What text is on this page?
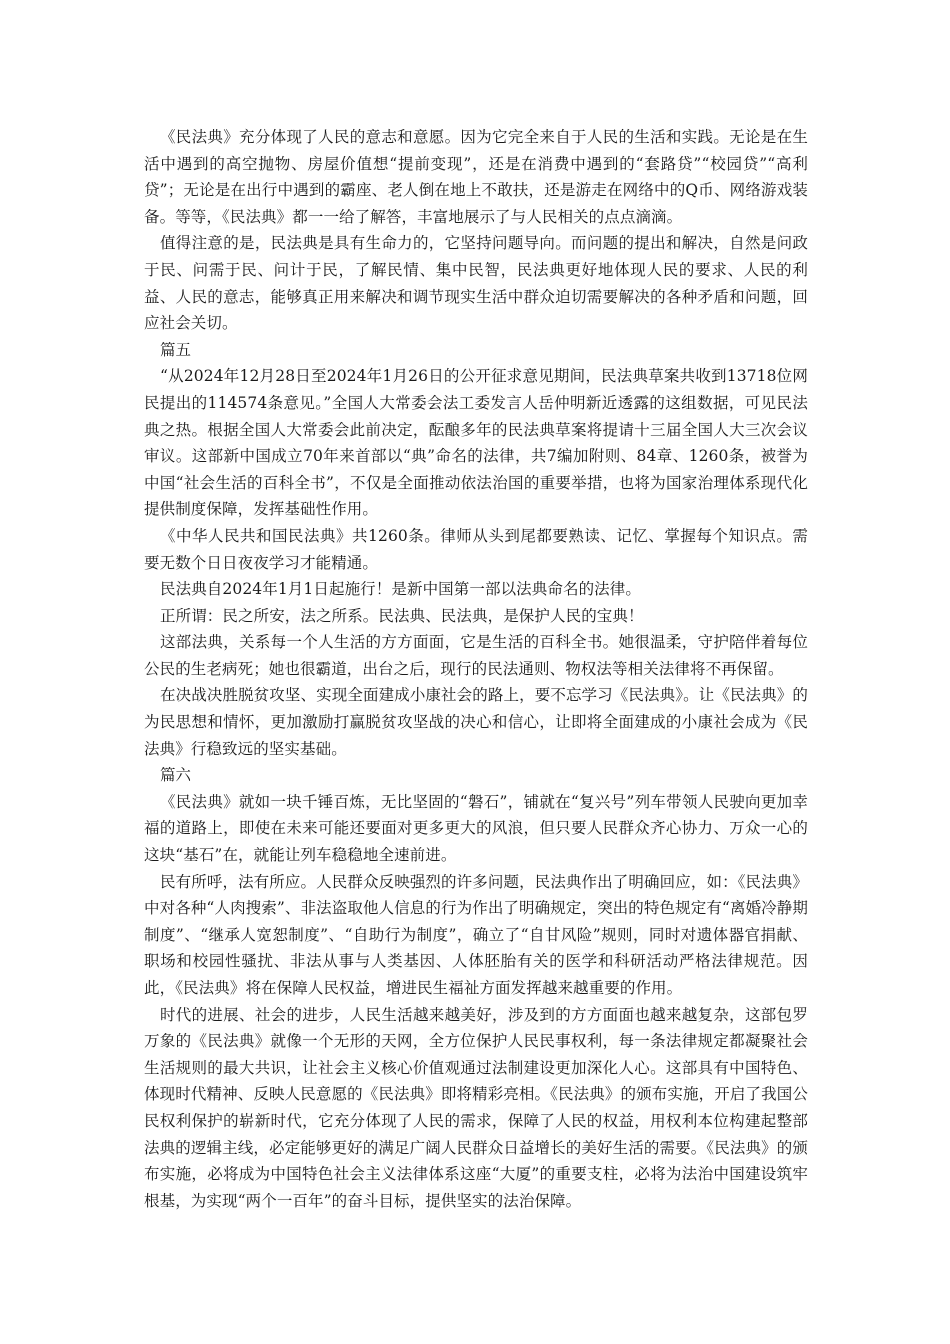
《民法典》充分体现了人民的意志和意愿。因为它完全来自于人民的生活和实践。无论是在生活中遇到的高空抛物、房屋价值想“提前变现”，还是在消费中遇到的“套路贷”“校园贷”“高利贷”；无论是在出行中遇到的霸座、老人倒在地上不敢扶，还是游走在网络中的Q币、网络游戏装备。等等，《民法典》都一一给了解答，丰富地展示了与人民相关的点点滴滴。

值得注意的是，民法典是具有生命力的，它坚持问题导向。而问题的提出和解决，自然是问政于民、问需于民、问计于民，了解民情、集中民智，民法典更好地体现人民的要求、人民的利益、人民的意志，能够真正用来解决和调节现实生活中群众迫切需要解决的各种矛盾和问题，回应社会关切。

篇五

“从2024年12月28日至2024年1月26日的公开征求意见期间，民法典草案共收到13718位网民提出的114574条意见。”全国人大常委会法工委发言人岳仲明新近透露的这组数据，可见民法典之热。根据全国人大常委会此前决定，酝酿多年的民法典草案将提请十三届全国人大三次会议审议。这部新中国成立70年来首部以“典”命名的法律，共7编加附则、84章、1260条，被誉为中国“社会生活的百科全书”，不仅是全面推动依法治国的重要举措，也将为国家治理体系现代化提供制度保障，发挥基础性作用。

《中华人民共和国民法典》共1260条。律师从头到尾都要熟读、记忆、掌握每个知识点。需要无数个日日夜夜学习才能精通。

民法典自2024年1月1日起施行！是新中国第一部以法典命名的法律。

正所谓：民之所安，法之所系。民法典、民法典，是保护人民的宝典！

这部法典，关系每一个人生活的方方面面，它是生活的百科全书。她很温柔，守护陪伴着每位公民的生老病死；她也很霸道，出台之后，现行的民法通则、物权法等相关法律将不再保留。

在决战决胜脱贫攻坚、实现全面建成小康社会的路上，要不忘学习《民法典》。让《民法典》的为民思想和情怀，更加激励打赢脱贫攻坚战的决心和信心，让即将全面建成的小康社会成为《民法典》行稳致远的坚实基础。

篇六

《民法典》就如一块千锤百炼，无比坚固的“磐石”，铺就在“复兴号”列车带领人民驶向更加幸福的道路上，即使在未来可能还要面对更多更大的风浪，但只要人民群众齐心协力、万众一心的这块“基石”在，就能让列车稳稳地全速前进。

民有所呼，法有所应。人民群众反映强烈的许多问题，民法典作出了明确回应，如：《民法典》中对各种“人肉搜索”、非法盗取他人信息的行为作出了明确规定，突出的特色规定有“离婚冷静期制度”、“继承人宽恕制度”、“自助行为制度”，确立了“自甘风险”规则，同时对遗体器官捐献、职场和校园性骚扰、非法从事与人类基因、人体胚胎有关的医学和科研活动严格法律规范。因此，《民法典》将在保障人民权益，增进民生福祉方面发挥越来越重要的作用。

时代的进展、社会的进步，人民生活越来越美好，涉及到的方方面面也越来越复杂，这部包罗万象的《民法典》就像一个无形的天网，全方位保护人民民事权利，每一条法律规定都凝聚社会生活规则的最大共识，让社会主义核心价值观通过法制建设更加深化人心。这部具有中国特色、体现时代精神、反映人民意愿的《民法典》即将精彩亮相。《民法典》的颁布实施，开启了我国公民权利保护的崭新时代，它充分体现了人民的需求，保障了人民的权益，用权利本位构建起整部法典的逻辑主线，必定能够更好的满足广阔人民群众日益增长的美好生活的需要。《民法典》的颁布实施，必将成为中国特色社会主义法律体系这座“大厦”的重要支柱，必将为法治中国建设筑牢根基，为实现“两个一百年”的奋斗目标，提供坚实的法治保障。
